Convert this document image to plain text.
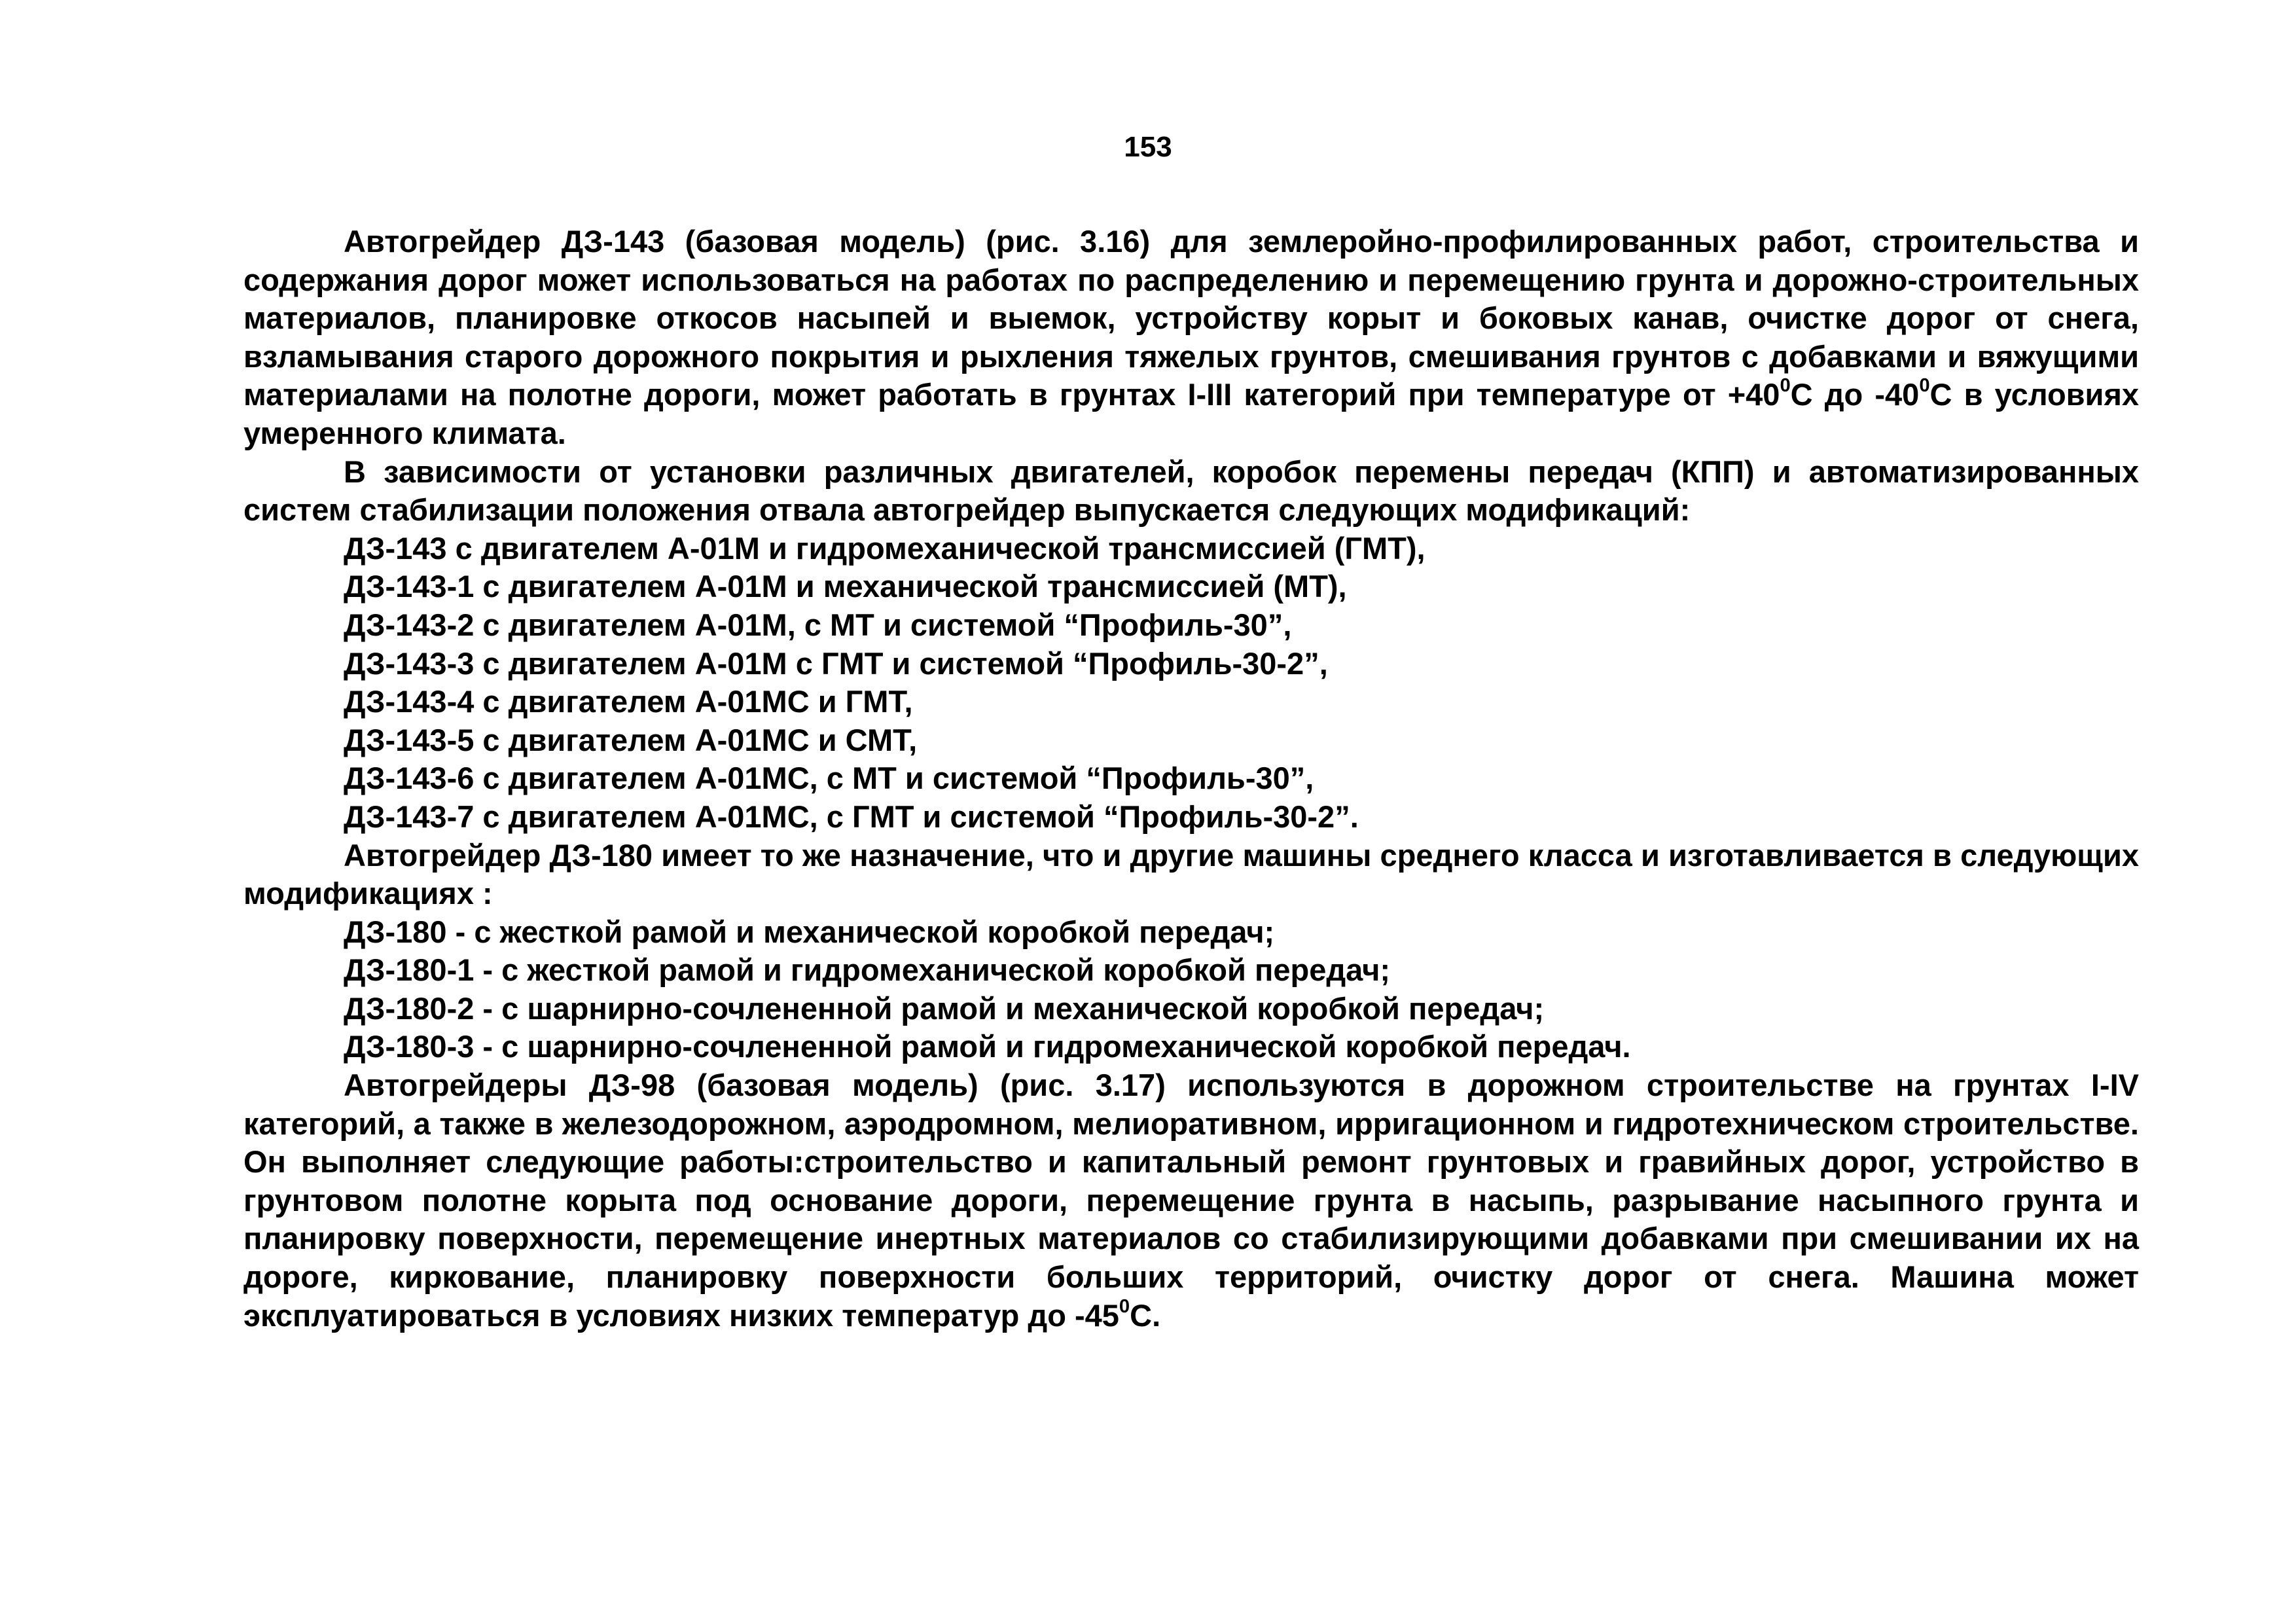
153

Автогрейдер ДЗ-143 (базовая модель) (рис. 3.16) для землеройно-профилированных работ, строительства и содержания дорог может использоваться на работах по распределению и перемещению грунта и дорожно-строительных материалов, планировке откосов насыпей и выемок, устройству корыт и боковых канав, очистке дорог от снега, взламывания старого дорожного покрытия и рыхления тяжелых грунтов, смешивания грунтов с добавками и вяжущими материалами на полотне дороги, может работать в грунтах I-III категорий при температуре от $+40^0С$ до $-40^0С$ в условиях умеренного климата.

В зависимости от установки различных двигателей, коробок перемены передач (КПП) и автоматизированных систем стабилизации положения отвала автогрейдер выпускается следующих модификаций:

ДЗ-143 с двигателем А-01М и гидромеханической трансмиссией (ГМТ),

ДЗ-143-1 с двигателем А-01М и механической трансмиссией (МТ),

ДЗ-143-2 с двигателем А-01М, с МТ и системой “Профиль-30”,

ДЗ-143-3 с двигателем А-01М с ГМТ и системой “Профиль-30-2”,

ДЗ-143-4 с двигателем А-01МС и ГМТ,

ДЗ-143-5 с двигателем А-01МС и СМТ,

ДЗ-143-6 с двигателем А-01МС, с МТ и системой “Профиль-30”,

ДЗ-143-7 с двигателем А-01МС, с ГМТ и системой “Профиль-30-2”.

Автогрейдер ДЗ-180 имеет то же назначение, что и другие машины среднего класса и изготавливается в следующих модификациях :

ДЗ-180 - с жесткой рамой и механической коробкой передач;

ДЗ-180-1 - с жесткой рамой и гидромеханической коробкой передач;

ДЗ-180-2 - с шарнирно-сочлененной рамой и механической коробкой передач;

ДЗ-180-3 - с шарнирно-сочлененной рамой и гидромеханической коробкой передач.

Автогрейдеры ДЗ-98 (базовая модель) (рис. 3.17) используются в дорожном строительстве на грунтах I-IV категорий, а также в железодорожном, аэродромном, мелиоративном, ирригационном и гидротехническом строительстве. Он выполняет следующие работы:строительство и капитальный ремонт грунтовых и гравийных дорог, устройство в грунтовом полотне корыта под основание дороги, перемещение грунта в насыпь, разрывание насыпного грунта и планировку поверхности, перемещение инертных материалов со стабилизирующими добавками при смешивании их на дороге, киркование, планировку поверхности больших территорий, очистку дорог от снега. Машина может эксплуатироваться в условиях низких температур до $-45^0С$.
